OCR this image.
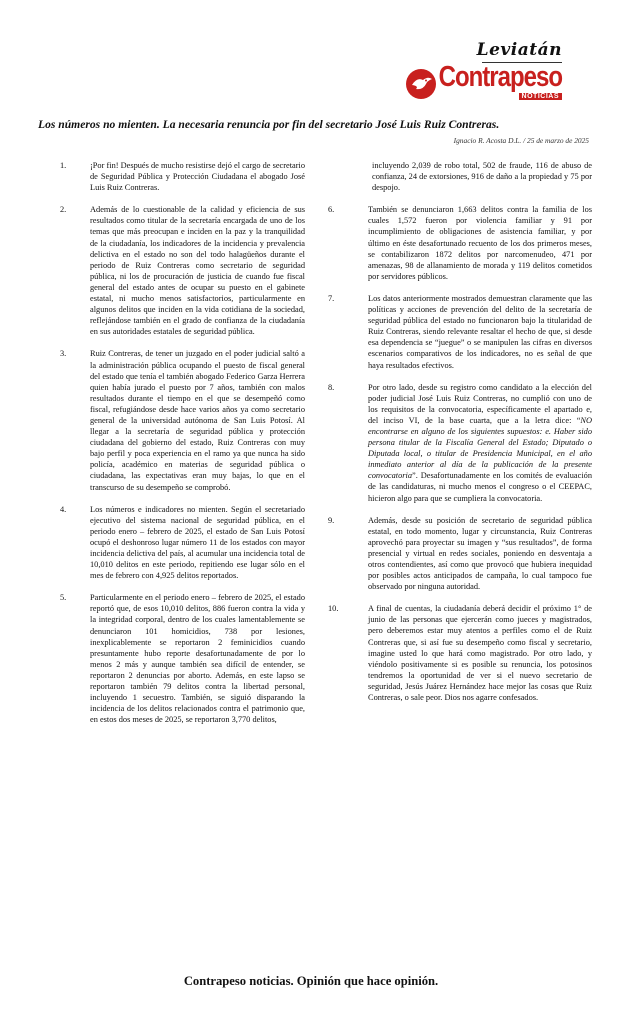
Leviatán
Contrapeso
NOTICIAS
Los números no mienten. La necesaria renuncia por fin del secretario José Luis Ruiz Contreras.
Ignacio R. Acosta D.L. / 25 de marzo de 2025
1.	¡Por fin! Después de mucho resistirse dejó el cargo de secretario de Seguridad Pública y Protección Ciudadana el abogado José Luis Ruiz Contreras.
2.	Además de lo cuestionable de la calidad y eficiencia de sus resultados como titular de la secretaría encargada de uno de los temas que más preocupan e inciden en la paz y la tranquilidad de la ciudadanía, los indicadores de la incidencia y prevalencia delictiva en el estado no son del todo halagüeños durante el periodo de Ruiz Contreras como secretario de seguridad pública, ni los de procuración de justicia de cuando fue fiscal general del estado antes de ocupar su puesto en el gabinete estatal, ni mucho menos satisfactorios, particularmente en algunos delitos que inciden en la vida cotidiana de la sociedad, reflejándose también en el grado de confianza de la ciudadanía en sus autoridades estatales de seguridad pública.
3.	Ruiz Contreras, de tener un juzgado en el poder judicial saltó a la administración pública ocupando el puesto de fiscal general del estado que tenía el también abogado Federico Garza Herrera quien había jurado el puesto por 7 años, también con malos resultados durante el tiempo en el que se desempeñó como fiscal, refugiándose desde hace varios años ya como secretario general de la universidad autónoma de San Luis Potosí. Al llegar a la secretaría de seguridad pública y protección ciudadana del gobierno del estado, Ruiz Contreras con muy bajo perfil y poca experiencia en el ramo ya que nunca ha sido policía, académico en materias de seguridad pública o ciudadana, las expectativas eran muy bajas, lo que en el transcurso de su desempeño se comprobó.
4.	Los números e indicadores no mienten. Según el secretariado ejecutivo del sistema nacional de seguridad pública, en el periodo enero – febrero de 2025, el estado de San Luis Potosí ocupó el deshonroso lugar número 11 de los estados con mayor incidencia delictiva del país, al acumular una incidencia total de 10,010 delitos en este periodo, repitiendo ese lugar sólo en el mes de febrero con 4,925 delitos reportados.
5.	Particularmente en el periodo enero – febrero de 2025, el estado reportó que, de esos 10,010 delitos, 886 fueron contra la vida y la integridad corporal, dentro de los cuales lamentablemente se denunciaron 101 homicidios, 738 por lesiones, inexplicablemente se reportaron 2 feminicidios cuando presuntamente hubo reporte desafortunadamente de por lo menos 2 más y aunque también sea difícil de entender, se reportaron 2 denuncias por aborto. Además, en este lapso se reportaron también 79 delitos contra la libertad personal, incluyendo 1 secuestro. También, se siguió disparando la incidencia de los delitos relacionados contra el patrimonio que, en estos dos meses de 2025, se reportaron 3,770 delitos,
incluyendo 2,039 de robo total, 502 de fraude, 116 de abuso de confianza, 24 de extorsiones, 916 de daño a la propiedad y 75 por despojo.
6.	También se denunciaron 1,663 delitos contra la familia de los cuales 1,572 fueron por violencia familiar y 91 por incumplimiento de obligaciones de asistencia familiar, y por último en éste desafortunado recuento de los dos primeros meses, se contabilizaron 1872 delitos por narcomenudeo, 471 por amenazas, 98 de allanamiento de morada y 119 delitos cometidos por servidores públicos.
7.	Los datos anteriormente mostrados demuestran claramente que las políticas y acciones de prevención del delito de la secretaría de seguridad pública del estado no funcionaron bajo la titularidad de Ruiz Contreras, siendo relevante resaltar el hecho de que, si desde esa dependencia se “juegue” o se manipulen las cifras en diversos escenarios comparativos de los indicadores, no es señal de que haya resultados efectivos.
8.	Por otro lado, desde su registro como candidato a la elección del poder judicial José Luis Ruiz Contreras, no cumplió con uno de los requisitos de la convocatoria, específicamente el apartado e, del inciso VI, de la base cuarta, que a la letra dice: “NO encontrarse en alguno de los siguientes supuestos: e. Haber sido persona titular de la Fiscalía General del Estado; Diputado o Diputada local, o titular de Presidencia Municipal, en el año inmediato anterior al día de la publicación de la presente convocatoria”. Desafortunadamente en los comités de evaluación de las candidaturas, ni mucho menos el congreso o el CEEPAC, hicieron algo para que se cumpliera la convocatoria.
9.	Además, desde su posición de secretario de seguridad pública estatal, en todo momento, lugar y circunstancia, Ruiz Contreras aprovechó para proyectar su imagen y “sus resultados”, de forma presencial y virtual en redes sociales, poniendo en desventaja a otros contendientes, así como que provocó que hubiera inequidad por posibles actos anticipados de campaña, lo cual tampoco fue observado por ninguna autoridad.
10.	A final de cuentas, la ciudadanía deberá decidir el próximo 1° de junio de las personas que ejercerán como jueces y magistrados, pero deberemos estar muy atentos a perfiles como el de Ruiz Contreras que, si así fue su desempeño como fiscal y secretario, imagine usted lo que hará como magistrado. Por otro lado, y viéndolo positivamente si es posible su renuncia, los potosinos tendremos la oportunidad de ver si el nuevo secretario de seguridad, Jesús Juárez Hernández hace mejor las cosas que Ruiz Contreras, o sale peor. Dios nos agarre confesados.
Contrapeso noticias. Opinión que hace opinión.
